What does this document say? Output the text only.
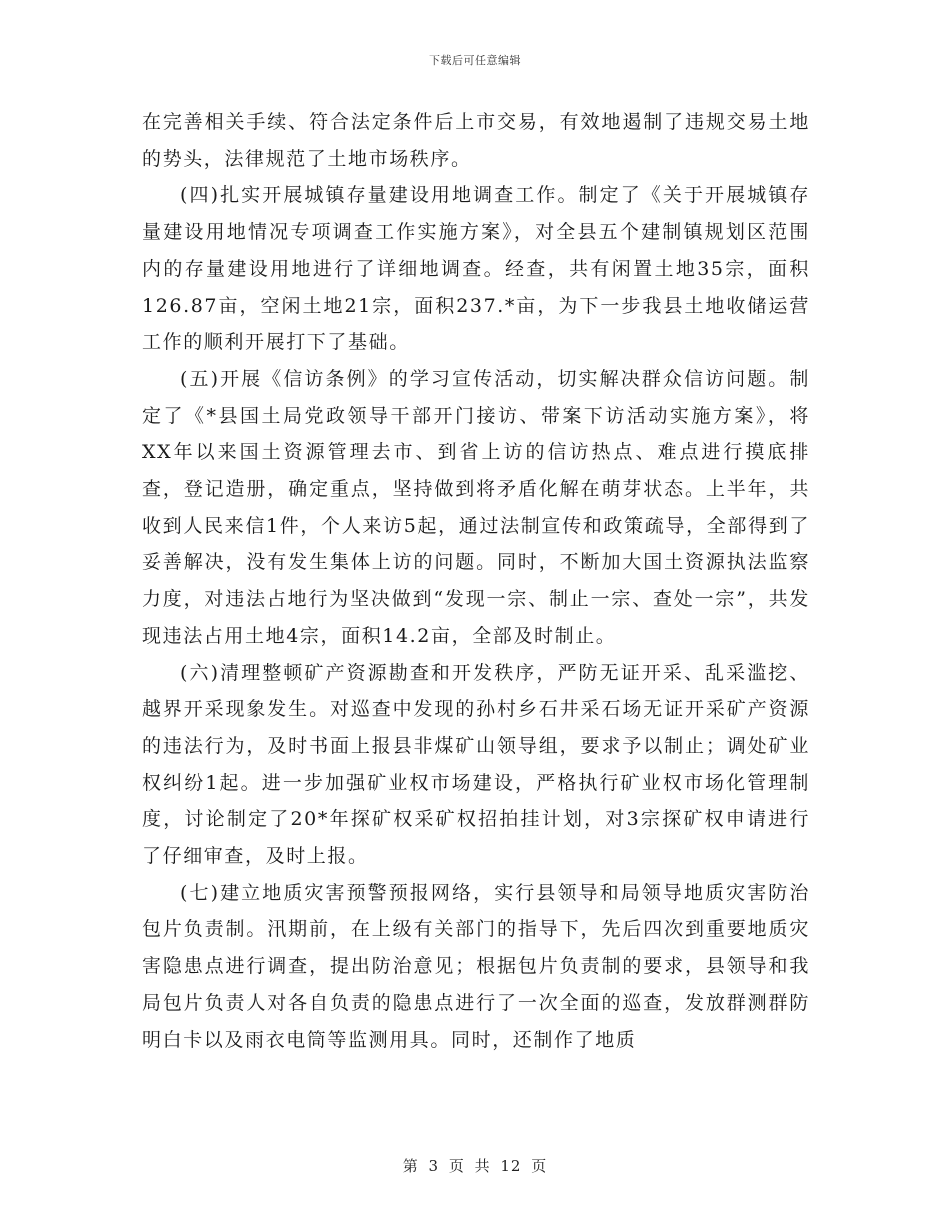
下载后可任意编辑

在完善相关手续、符合法定条件后上市交易，有效地遏制了违规交易土地的势头，法律规范了土地市场秩序。

(四)扎实开展城镇存量建设用地调查工作。制定了《关于开展城镇存量建设用地情况专项调查工作实施方案》，对全县五个建制镇规划区范围内的存量建设用地进行了详细地调查。经查，共有闲置土地35宗，面积126.87亩，空闲土地21宗，面积237.*亩，为下一步我县土地收储运营工作的顺利开展打下了基础。

(五)开展《信访条例》的学习宣传活动，切实解决群众信访问题。制定了《*县国土局党政领导干部开门接访、带案下访活动实施方案》，将XX年以来国土资源管理去市、到省上访的信访热点、难点进行摸底排查，登记造册，确定重点，坚持做到将矛盾化解在萌芽状态。上半年，共收到人民来信1件，个人来访5起，通过法制宣传和政策疏导，全部得到了妥善解决，没有发生集体上访的问题。同时，不断加大国土资源执法监察力度，对违法占地行为坚决做到“发现一宗、制止一宗、查处一宗”，共发现违法占用土地4宗，面积14.2亩，全部及时制止。

(六)清理整顿矿产资源勘查和开发秩序，严防无证开采、乱采滥挖、越界开采现象发生。对巡查中发现的孙村乡石井采石场无证开采矿产资源的违法行为，及时书面上报县非煤矿山领导组，要求予以制止；调处矿业权纠纷1起。进一步加强矿业权市场建设，严格执行矿业权市场化管理制度，讨论制定了20*年探矿权采矿权招拍挂计划，对3宗探矿权申请进行了仔细审查，及时上报。

(七)建立地质灾害预警预报网络，实行县领导和局领导地质灾害防治包片负责制。汛期前，在上级有关部门的指导下，先后四次到重要地质灾害隐患点进行调查，提出防治意见；根据包片负责制的要求，县领导和我局包片负责人对各自负责的隐患点进行了一次全面的巡查，发放群测群防明白卡以及雨衣电筒等监测用具。同时，还制作了地质

第 3 页 共 12 页
